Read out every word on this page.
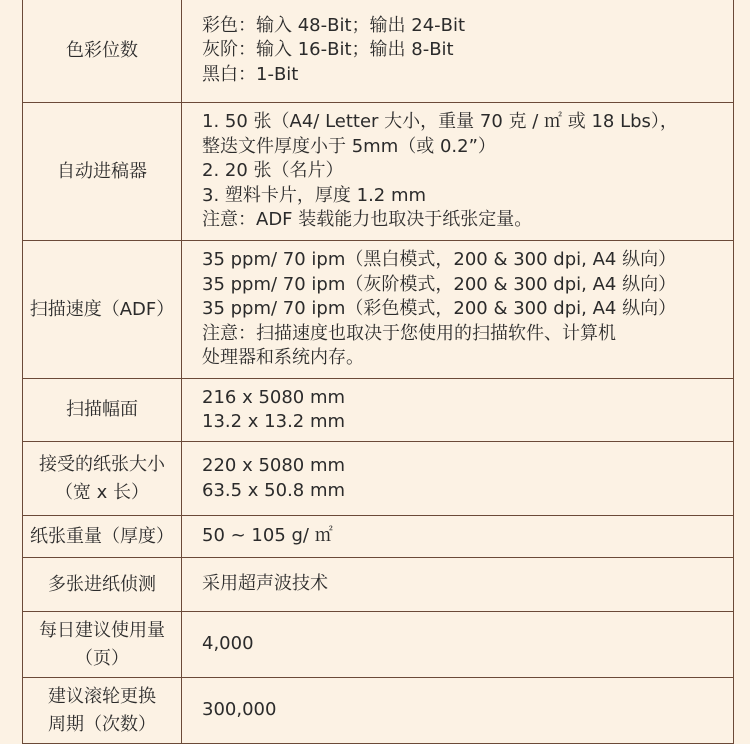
色彩位数	彩色：输入 48-Bit；输出 24-Bit
灰阶：输入 16-Bit；输出 8-Bit
黑白：1-Bit

自动进稿器	1. 50 张（A4/ Letter 大小，重量 70 克 / ㎡ 或 18 Lbs），
整迭文件厚度小于 5mm（或 0.2”）
2. 20 张（名片）
3. 塑料卡片，厚度 1.2 mm
注意：ADF 装载能力也取决于纸张定量。

扫描速度（ADF）	35 ppm/ 70 ipm（黑白模式，200 & 300 dpi, A4 纵向）
35 ppm/ 70 ipm（灰阶模式，200 & 300 dpi, A4 纵向）
35 ppm/ 70 ipm（彩色模式，200 & 300 dpi, A4 纵向）
注意：扫描速度也取决于您使用的扫描软件、计算机
处理器和系统内存。

扫描幅面	216 x 5080 mm
13.2 x 13.2 mm

接受的纸张大小
（宽 x 长）	220 x 5080 mm
63.5 x 50.8 mm

纸张重量（厚度）	50 ~ 105 g/ ㎡

多张进纸侦测	采用超声波技术

每日建议使用量
（页）	4,000

建议滚轮更换
周期（次数）	300,000
